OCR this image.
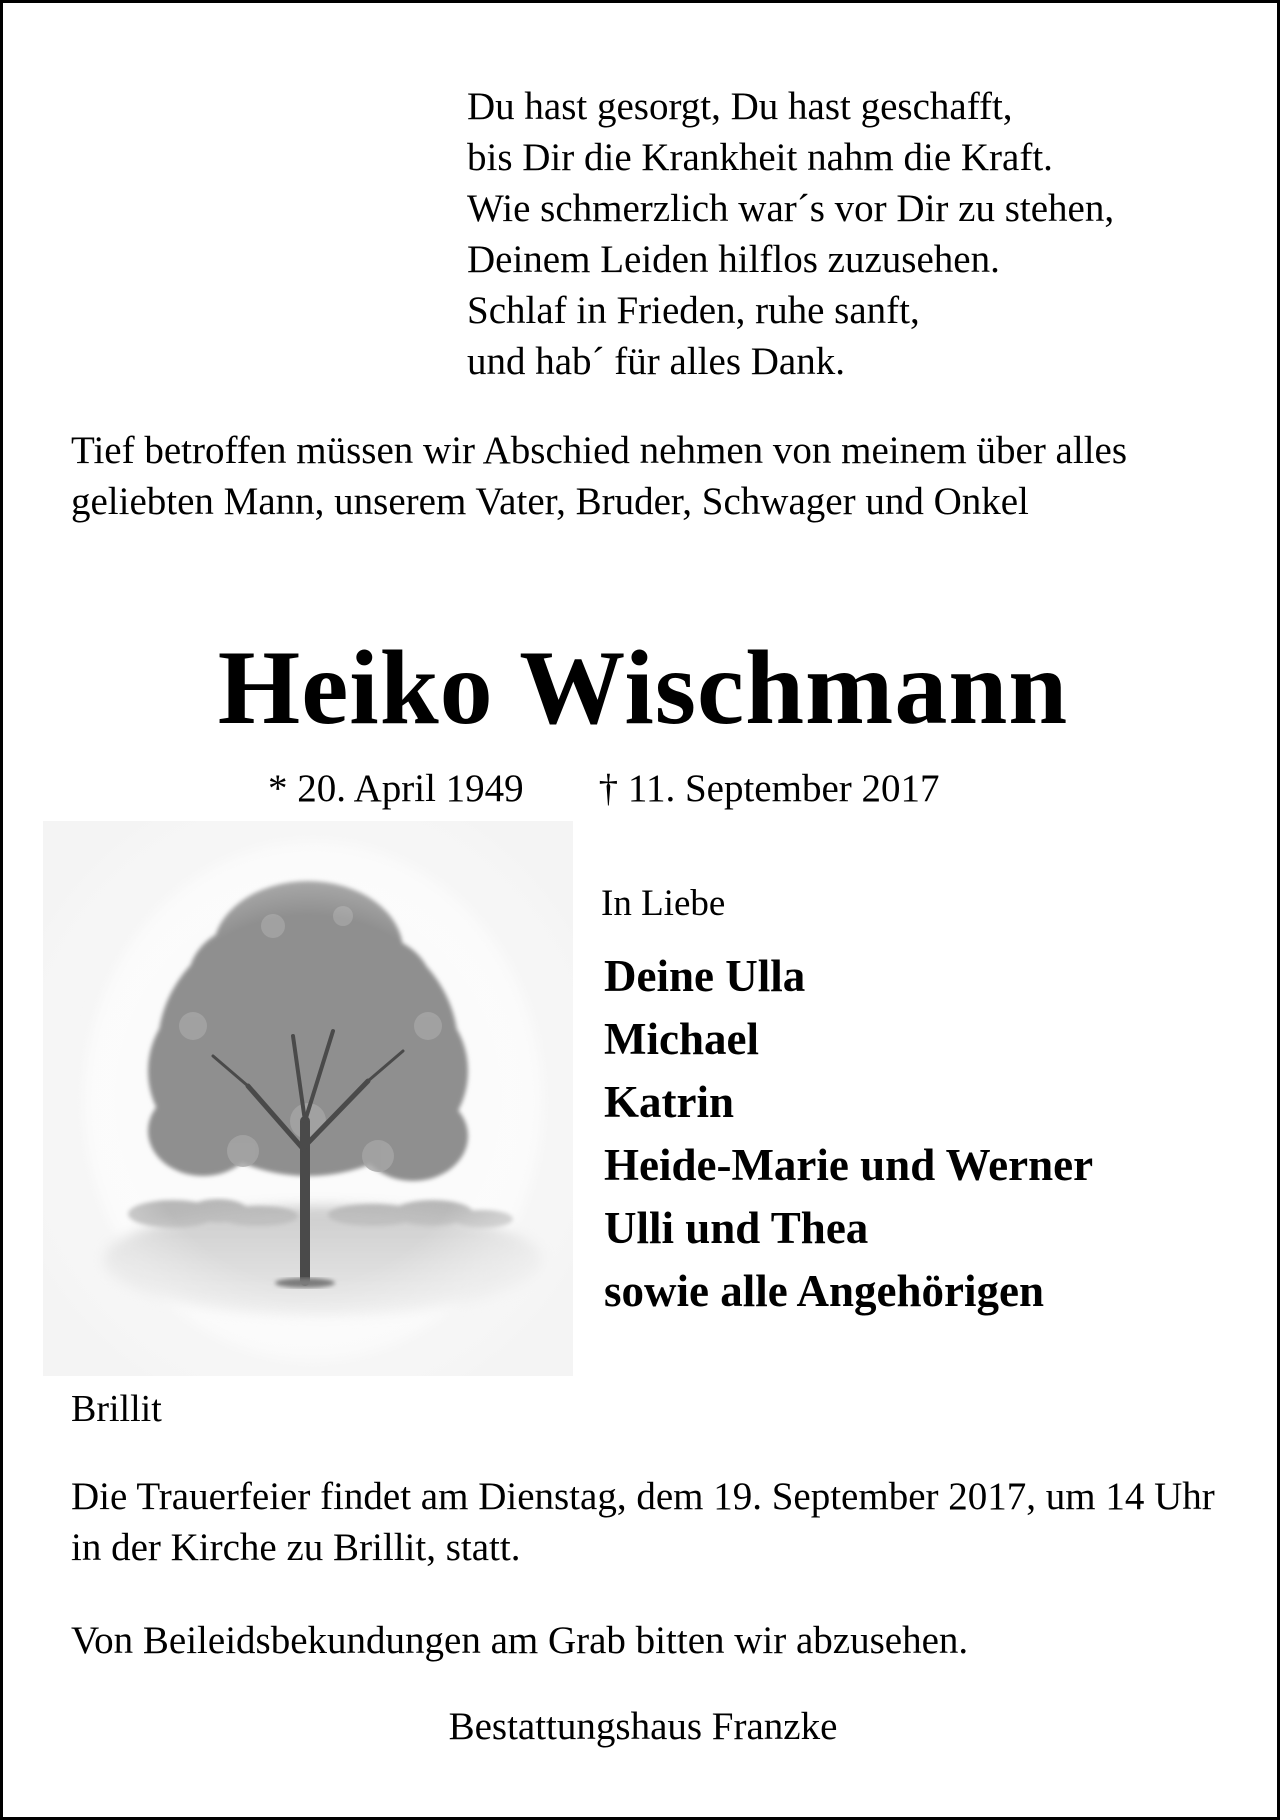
Du hast gesorgt, Du hast geschafft,
bis Dir die Krankheit nahm die Kraft.
Wie schmerzlich war´s vor Dir zu stehen,
Deinem Leiden hilflos zuzusehen.
Schlaf in Frieden, ruhe sanft,
und hab´ für alles Dank.
Tief betroffen müssen wir Abschied nehmen von meinem über alles geliebten Mann, unserem Vater, Bruder, Schwager und Onkel
Heiko Wischmann
* 20. April 1949 † 11. September 2017
In Liebe
Deine Ulla
Michael
Katrin
Heide-Marie und Werner
Ulli und Thea
sowie alle Angehörigen
Brillit
Die Trauerfeier findet am Dienstag, dem 19. September 2017, um 14 Uhr in der Kirche zu Brillit, statt.
Von Beileidsbekundungen am Grab bitten wir abzusehen.
Bestattungshaus Franzke
